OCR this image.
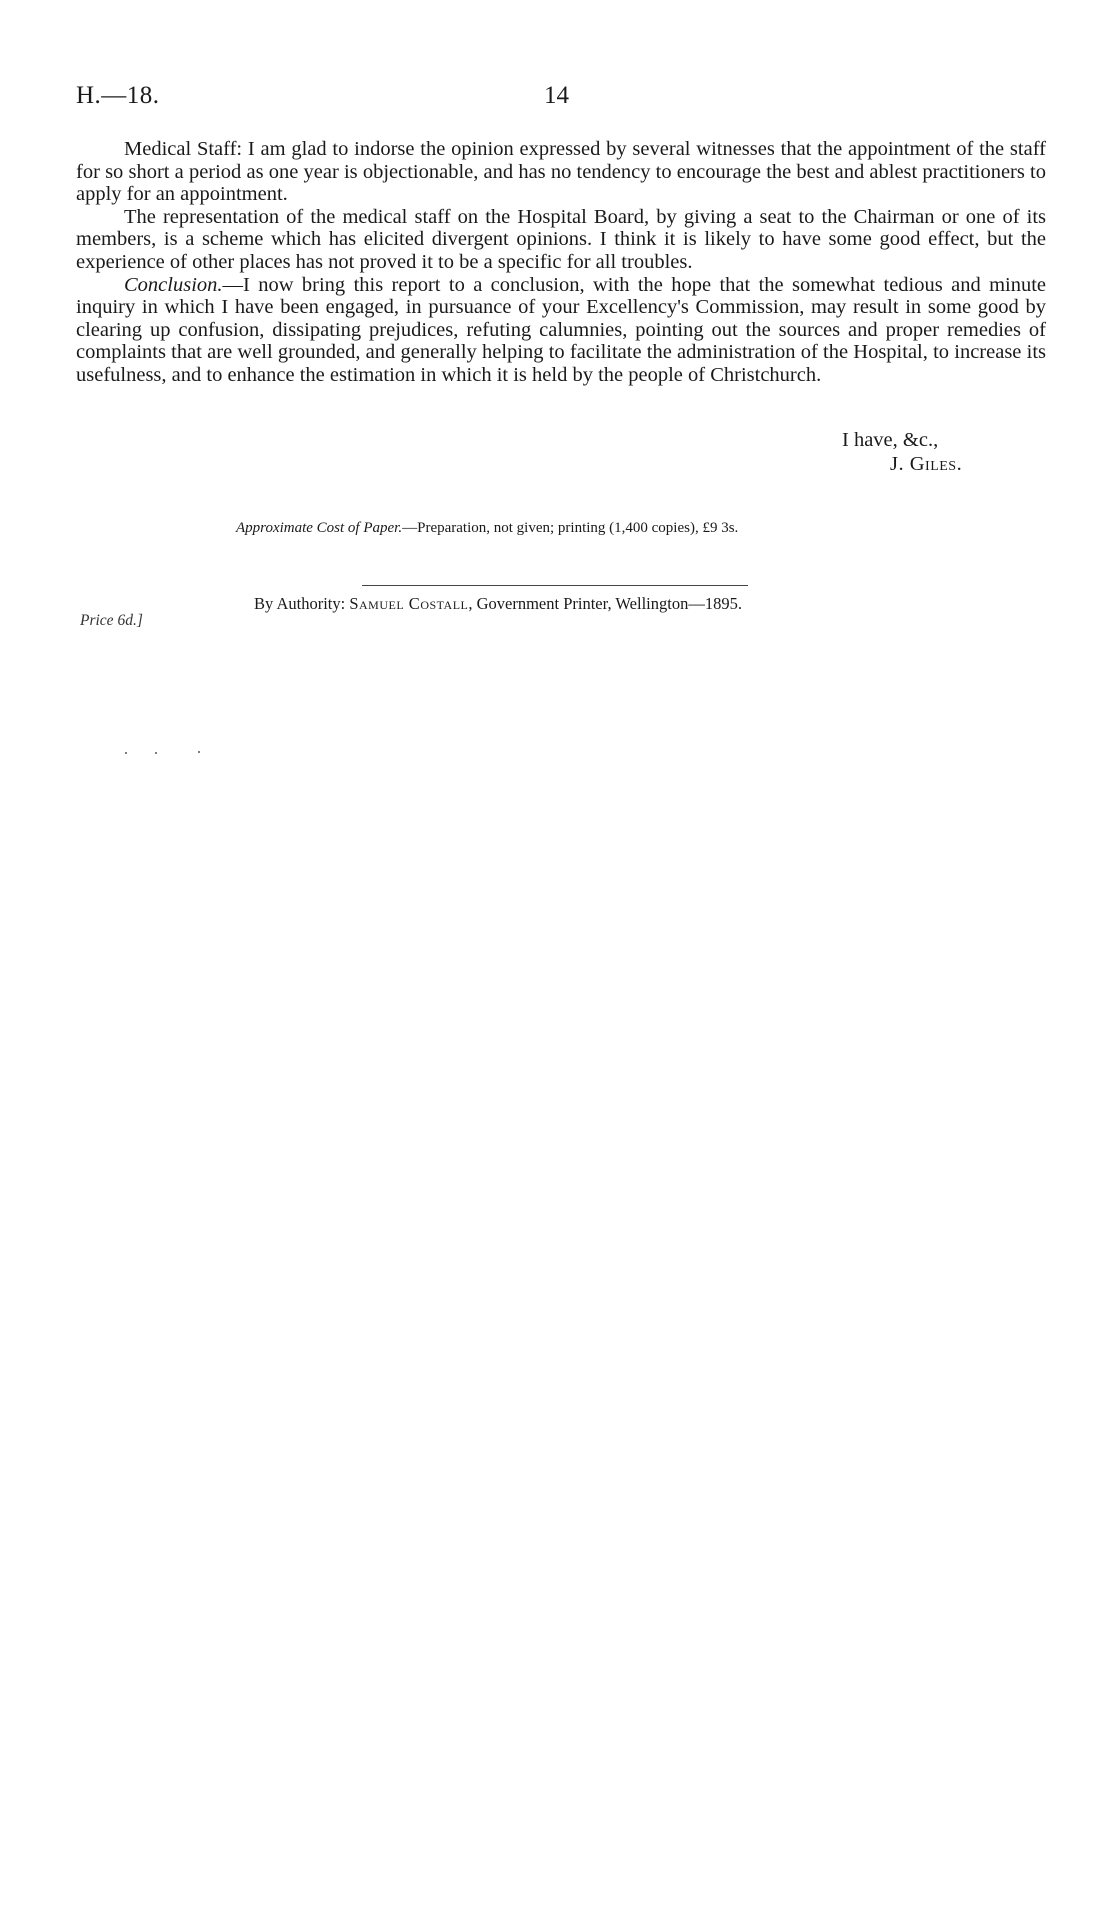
H.—18.	14

Medical Staff: I am glad to indorse the opinion expressed by several witnesses that the appointment of the staff for so short a period as one year is objectionable, and has no tendency to encourage the best and ablest practitioners to apply for an appointment.

The representation of the medical staff on the Hospital Board, by giving a seat to the Chairman or one of its members, is a scheme which has elicited divergent opinions. I think it is likely to have some good effect, but the experience of other places has not proved it to be a specific for all troubles.

Conclusion.—I now bring this report to a conclusion, with the hope that the somewhat tedious and minute inquiry in which I have been engaged, in pursuance of your Excellency's Commission, may result in some good by clearing up confusion, dissipating prejudices, refuting calumnies, pointing out the sources and proper remedies of complaints that are well grounded, and generally helping to facilitate the administration of the Hospital, to increase its usefulness, and to enhance the estimation in which it is held by the people of Christchurch.

I have, &c.,
J. Giles.
Approximate Cost of Paper.—Preparation, not given; printing (1,400 copies), £9 3s.
By Authority: Samuel Costall, Government Printer, Wellington—1895.
Price 6d.]
